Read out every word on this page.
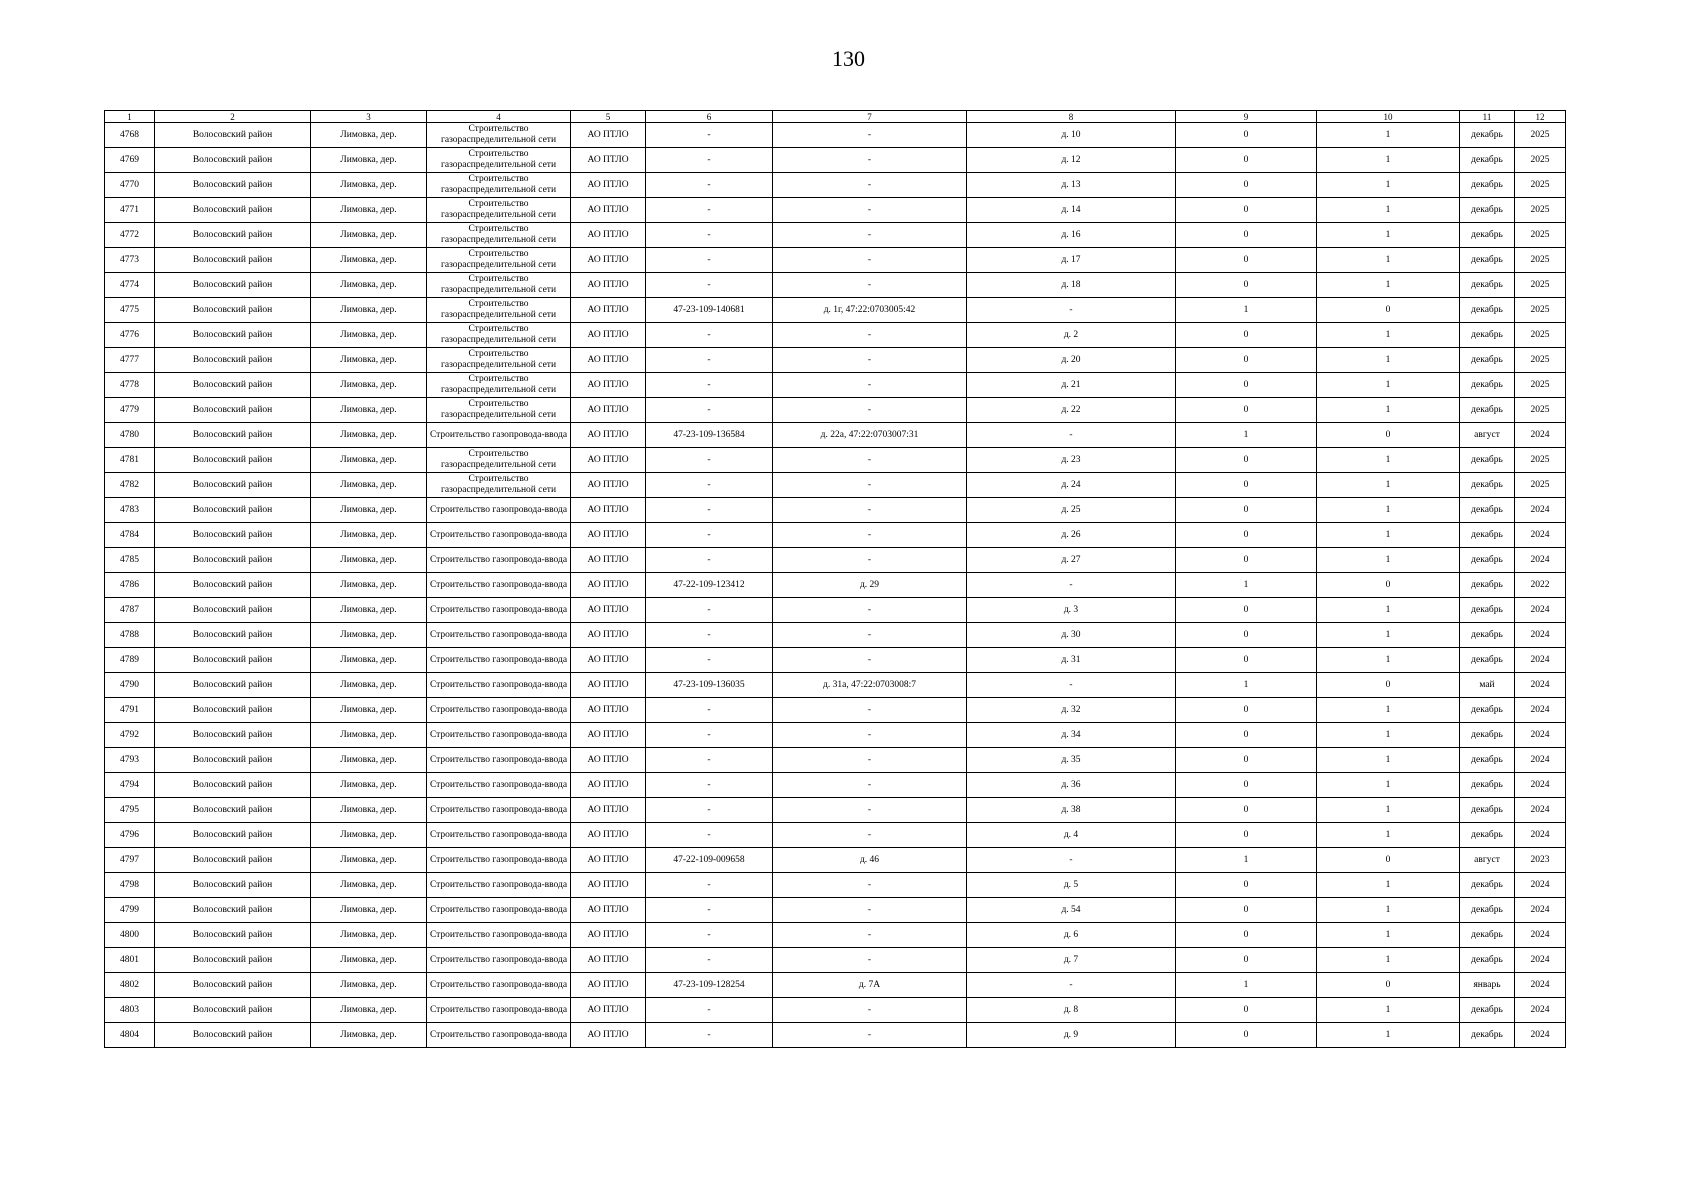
130
1	2	3	4	5	6	7	8	9	10	11	12
4768	Волосовский район	Лимовка, дер.	Строительство газораспределительной сети	АО ПТЛО	-	-	д. 10	0	1	декабрь	2025
4769	Волосовский район	Лимовка, дер.	Строительство газораспределительной сети	АО ПТЛО	-	-	д. 12	0	1	декабрь	2025
4770	Волосовский район	Лимовка, дер.	Строительство газораспределительной сети	АО ПТЛО	-	-	д. 13	0	1	декабрь	2025
4771	Волосовский район	Лимовка, дер.	Строительство газораспределительной сети	АО ПТЛО	-	-	д. 14	0	1	декабрь	2025
4772	Волосовский район	Лимовка, дер.	Строительство газораспределительной сети	АО ПТЛО	-	-	д. 16	0	1	декабрь	2025
4773	Волосовский район	Лимовка, дер.	Строительство газораспределительной сети	АО ПТЛО	-	-	д. 17	0	1	декабрь	2025
4774	Волосовский район	Лимовка, дер.	Строительство газораспределительной сети	АО ПТЛО	-	-	д. 18	0	1	декабрь	2025
4775	Волосовский район	Лимовка, дер.	Строительство газораспределительной сети	АО ПТЛО	47-23-109-140681	д. 1г, 47:22:0703005:42	-	1	0	декабрь	2025
4776	Волосовский район	Лимовка, дер.	Строительство газораспределительной сети	АО ПТЛО	-	-	д. 2	0	1	декабрь	2025
4777	Волосовский район	Лимовка, дер.	Строительство газораспределительной сети	АО ПТЛО	-	-	д. 20	0	1	декабрь	2025
4778	Волосовский район	Лимовка, дер.	Строительство газораспределительной сети	АО ПТЛО	-	-	д. 21	0	1	декабрь	2025
4779	Волосовский район	Лимовка, дер.	Строительство газораспределительной сети	АО ПТЛО	-	-	д. 22	0	1	декабрь	2025
4780	Волосовский район	Лимовка, дер.	Строительство газопровода-ввода	АО ПТЛО	47-23-109-136584	д. 22а, 47:22:0703007:31	-	1	0	август	2024
4781	Волосовский район	Лимовка, дер.	Строительство газораспределительной сети	АО ПТЛО	-	-	д. 23	0	1	декабрь	2025
4782	Волосовский район	Лимовка, дер.	Строительство газораспределительной сети	АО ПТЛО	-	-	д. 24	0	1	декабрь	2025
4783	Волосовский район	Лимовка, дер.	Строительство газопровода-ввода	АО ПТЛО	-	-	д. 25	0	1	декабрь	2024
4784	Волосовский район	Лимовка, дер.	Строительство газопровода-ввода	АО ПТЛО	-	-	д. 26	0	1	декабрь	2024
4785	Волосовский район	Лимовка, дер.	Строительство газопровода-ввода	АО ПТЛО	-	-	д. 27	0	1	декабрь	2024
4786	Волосовский район	Лимовка, дер.	Строительство газопровода-ввода	АО ПТЛО	47-22-109-123412	д. 29	-	1	0	декабрь	2022
4787	Волосовский район	Лимовка, дер.	Строительство газопровода-ввода	АО ПТЛО	-	-	д. 3	0	1	декабрь	2024
4788	Волосовский район	Лимовка, дер.	Строительство газопровода-ввода	АО ПТЛО	-	-	д. 30	0	1	декабрь	2024
4789	Волосовский район	Лимовка, дер.	Строительство газопровода-ввода	АО ПТЛО	-	-	д. 31	0	1	декабрь	2024
4790	Волосовский район	Лимовка, дер.	Строительство газопровода-ввода	АО ПТЛО	47-23-109-136035	д. 31а, 47:22:0703008:7	-	1	0	май	2024
4791	Волосовский район	Лимовка, дер.	Строительство газопровода-ввода	АО ПТЛО	-	-	д. 32	0	1	декабрь	2024
4792	Волосовский район	Лимовка, дер.	Строительство газопровода-ввода	АО ПТЛО	-	-	д. 34	0	1	декабрь	2024
4793	Волосовский район	Лимовка, дер.	Строительство газопровода-ввода	АО ПТЛО	-	-	д. 35	0	1	декабрь	2024
4794	Волосовский район	Лимовка, дер.	Строительство газопровода-ввода	АО ПТЛО	-	-	д. 36	0	1	декабрь	2024
4795	Волосовский район	Лимовка, дер.	Строительство газопровода-ввода	АО ПТЛО	-	-	д. 38	0	1	декабрь	2024
4796	Волосовский район	Лимовка, дер.	Строительство газопровода-ввода	АО ПТЛО	-	-	д. 4	0	1	декабрь	2024
4797	Волосовский район	Лимовка, дер.	Строительство газопровода-ввода	АО ПТЛО	47-22-109-009658	д. 46	-	1	0	август	2023
4798	Волосовский район	Лимовка, дер.	Строительство газопровода-ввода	АО ПТЛО	-	-	д. 5	0	1	декабрь	2024
4799	Волосовский район	Лимовка, дер.	Строительство газопровода-ввода	АО ПТЛО	-	-	д. 54	0	1	декабрь	2024
4800	Волосовский район	Лимовка, дер.	Строительство газопровода-ввода	АО ПТЛО	-	-	д. 6	0	1	декабрь	2024
4801	Волосовский район	Лимовка, дер.	Строительство газопровода-ввода	АО ПТЛО	-	-	д. 7	0	1	декабрь	2024
4802	Волосовский район	Лимовка, дер.	Строительство газопровода-ввода	АО ПТЛО	47-23-109-128254	д. 7А	-	1	0	январь	2024
4803	Волосовский район	Лимовка, дер.	Строительство газопровода-ввода	АО ПТЛО	-	-	д. 8	0	1	декабрь	2024
4804	Волосовский район	Лимовка, дер.	Строительство газопровода-ввода	АО ПТЛО	-	-	д. 9	0	1	декабрь	2024
